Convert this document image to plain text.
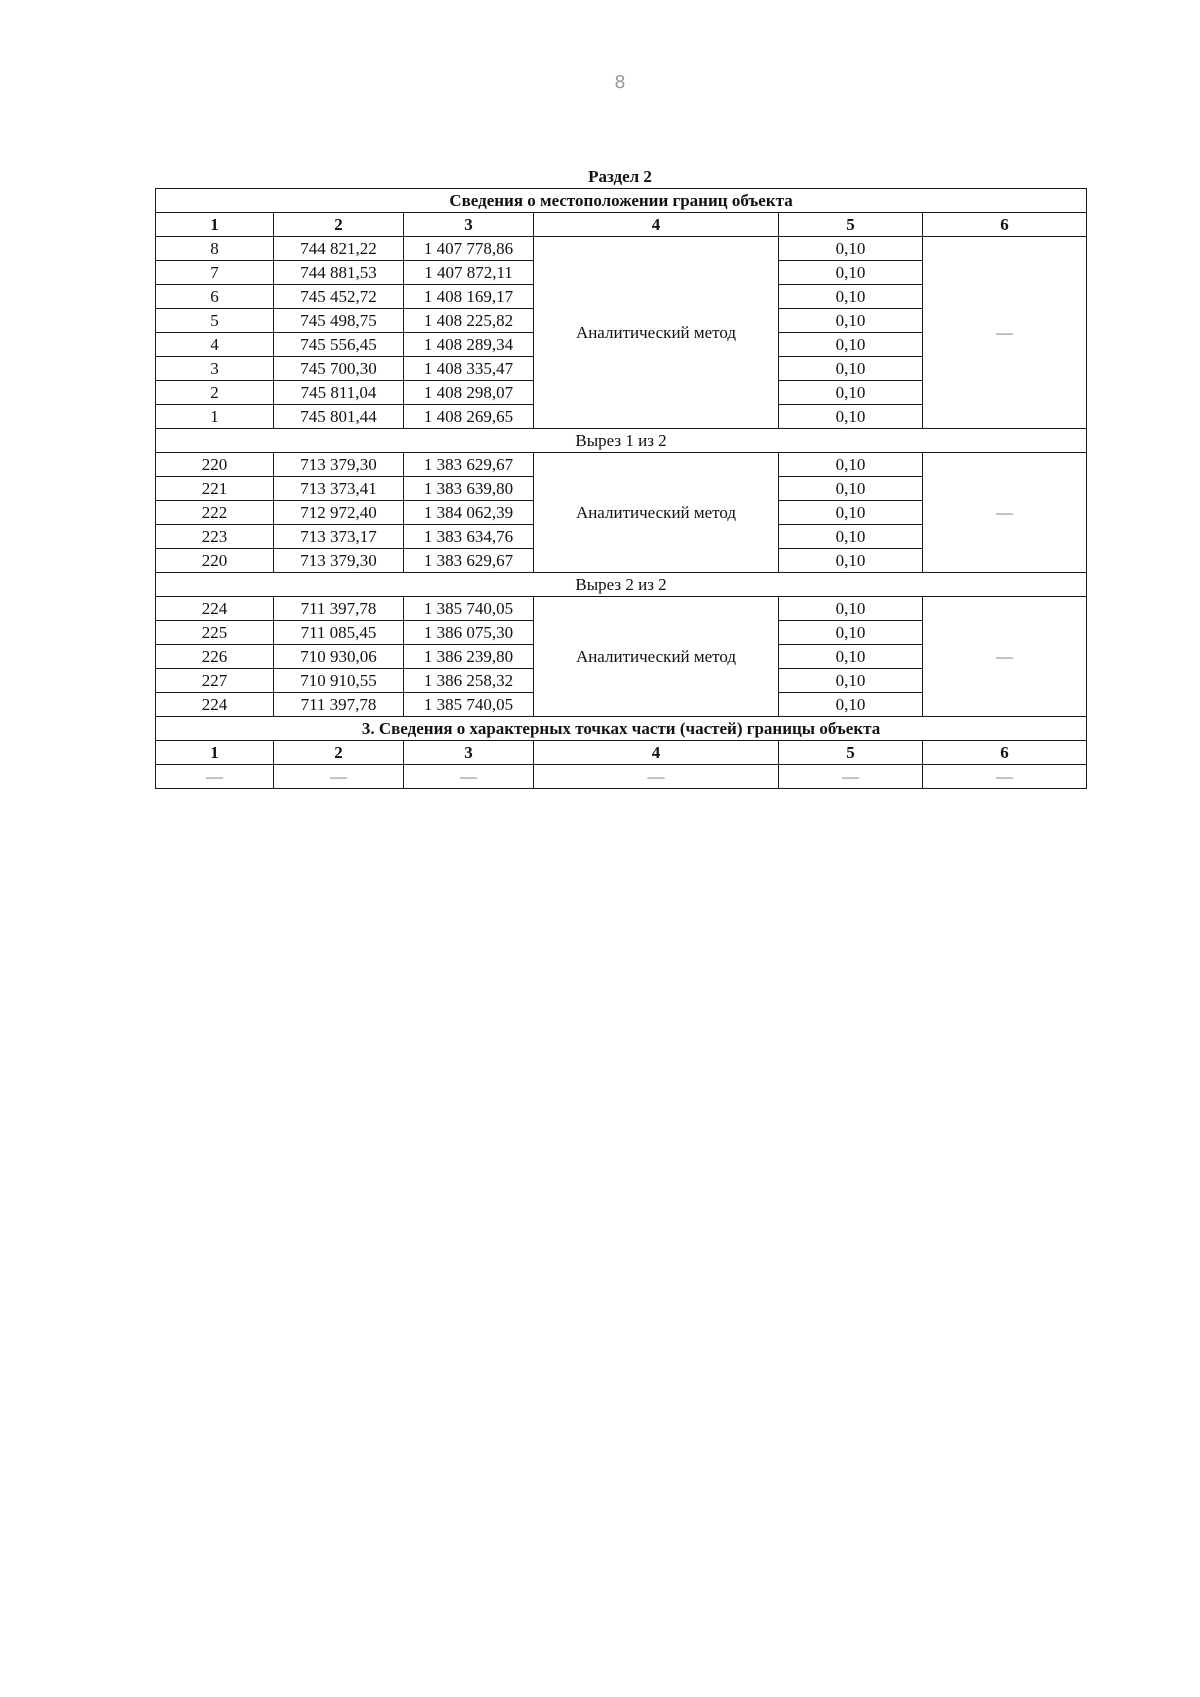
8
Раздел 2
Сведения о местоположении границ объекта					
1	2	3	4	5	6
8	744 821,22	1 407 778,86	Аналитический метод	0,10	—
7	744 881,53	1 407 872,11		0,10	
6	745 452,72	1 408 169,17		0,10	
5	745 498,75	1 408 225,82		0,10	
4	745 556,45	1 408 289,34		0,10	
3	745 700,30	1 408 335,47		0,10	
2	745 811,04	1 408 298,07		0,10	
1	745 801,44	1 408 269,65		0,10	
Вырез 1 из 2					
220	713 379,30	1 383 629,67	Аналитический метод	0,10	—
221	713 373,41	1 383 639,80		0,10	
222	712 972,40	1 384 062,39		0,10	
223	713 373,17	1 383 634,76		0,10	
220	713 379,30	1 383 629,67		0,10	
Вырез 2 из 2					
224	711 397,78	1 385 740,05	Аналитический метод	0,10	—
225	711 085,45	1 386 075,30		0,10	
226	710 930,06	1 386 239,80		0,10	
227	710 910,55	1 386 258,32		0,10	
224	711 397,78	1 385 740,05		0,10	
3. Сведения о характерных точках части (частей) границы объекта					
1	2	3	4	5	6
—	—	—	—	—	—
